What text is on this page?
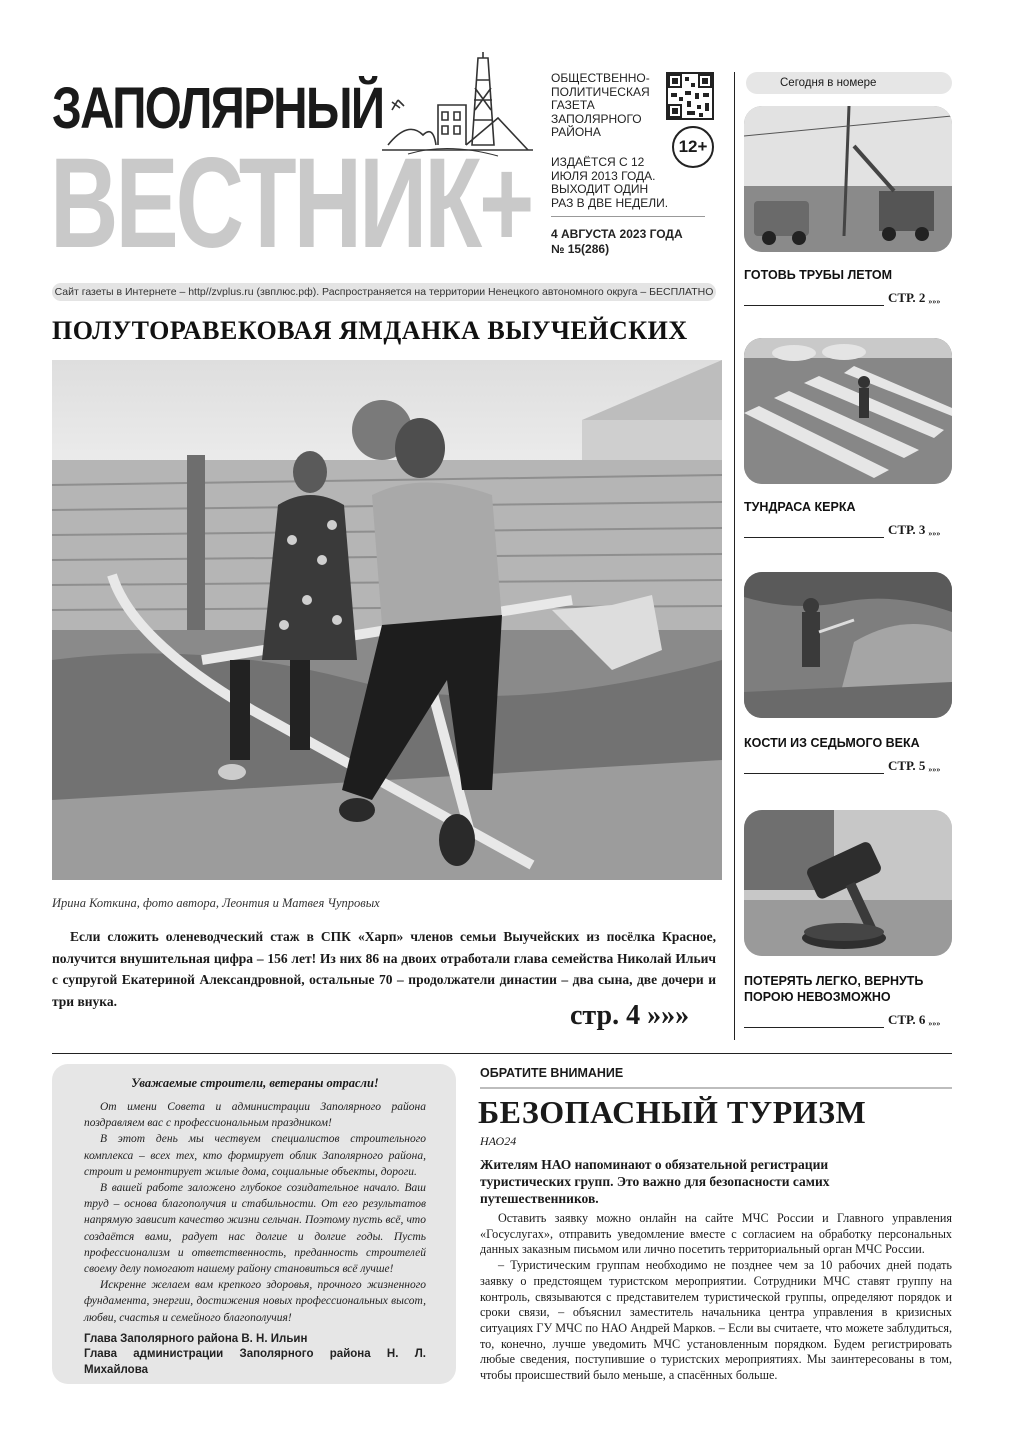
ЗАПОЛЯРНЫЙ
ВЕСТНИК+
ОБЩЕСТВЕННО-ПОЛИТИЧЕСКАЯ ГАЗЕТА ЗАПОЛЯРНОГО РАЙОНА
ИЗДАЁТСЯ С 12 ИЮЛЯ 2013 ГОДА. ВЫХОДИТ ОДИН РАЗ В ДВЕ НЕДЕЛИ.
4 АВГУСТА 2023 ГОДА
№ 15(286)
12+
Сайт газеты в Интернете – http//zvplus.ru (звплюс.рф). Распространяется на территории Ненецкого автономного округа – БЕСПЛАТНО
ПОЛУТОРАВЕКОВАЯ ЯМДАНКА ВЫУЧЕЙСКИХ
Ирина Коткина, фото автора, Леонтия и Матвея Чупровых
Если сложить оленеводческий стаж в СПК «Харп» членов семьи Выучейских из посёлка Красное, получится внушительная цифра – 156 лет! Из них 86 на двоих отработали глава семейства Николай Ильич с супругой Екатериной Александровной, остальные 70 – продолжатели династии – два сына, две дочери и три внука.	стр. 4 »»»
Сегодня в номере
ГОТОВЬ ТРУБЫ ЛЕТОМ
СТР. 2 »»»
ТУНДРАСА КЕРКА
СТР. 3 »»»
КОСТИ ИЗ СЕДЬМОГО ВЕКА
СТР. 5 »»»
ПОТЕРЯТЬ ЛЕГКО, ВЕРНУТЬ ПОРОЮ НЕВОЗМОЖНО
СТР. 6 »»»
Уважаемые строители, ветераны отрасли!

От имени Совета и администрации Заполярного района поздравляем вас с профессиональным праздником!

В этот день мы чествуем специалистов строительного комплекса – всех тех, кто формирует облик Заполярного района, строит и ремонтирует жилые дома, социальные объекты, дороги.

В вашей работе заложено глубокое созидательное начало. Ваш труд – основа благополучия и стабильности. От его результатов напрямую зависит качество жизни сельчан. Поэтому пусть всё, что создаётся вами, радует нас долгие и долгие годы. Пусть профессионализм и ответственность, преданность строителей своему делу помогают нашему району становиться всё лучше!

Искренне желаем вам крепкого здоровья, прочного жизненного фундамента, энергии, достижения новых профессиональных высот, любви, счастья и семейного благополучия!

Глава Заполярного района В. Н. Ильин

Глава администрации Заполярного района Н. Л. Михайлова

ОБРАТИТЕ ВНИМАНИЕ
БЕЗОПАСНЫЙ ТУРИЗМ
НАО24
Жителям НАО напоминают о обязательной регистрации туристических групп. Это важно для безопасности самих путешественников.

Оставить заявку можно онлайн на сайте МЧС России и Главного управления «Госуслугах», отправить уведомление вместе с согласием на обработку персональных данных заказным письмом или лично посетить территориальный орган МЧС России.

– Туристическим группам необходимо не позднее чем за 10 рабочих дней подать заявку о предстоящем туристском мероприятии. Сотрудники МЧС ставят группу на контроль, связываются с представителем туристической группы, определяют порядок и сроки связи, – объяснил заместитель начальника центра управления в кризисных ситуациях ГУ МЧС по НАО Андрей Марков. – Если вы считаете, что можете заблудиться, то, конечно, лучше уведомить МЧС установленным порядком. Будем регистрировать любые сведения, поступившие о туристских мероприятиях. Мы заинтересованы в том, чтобы происшествий было меньше, а спасённых больше.
